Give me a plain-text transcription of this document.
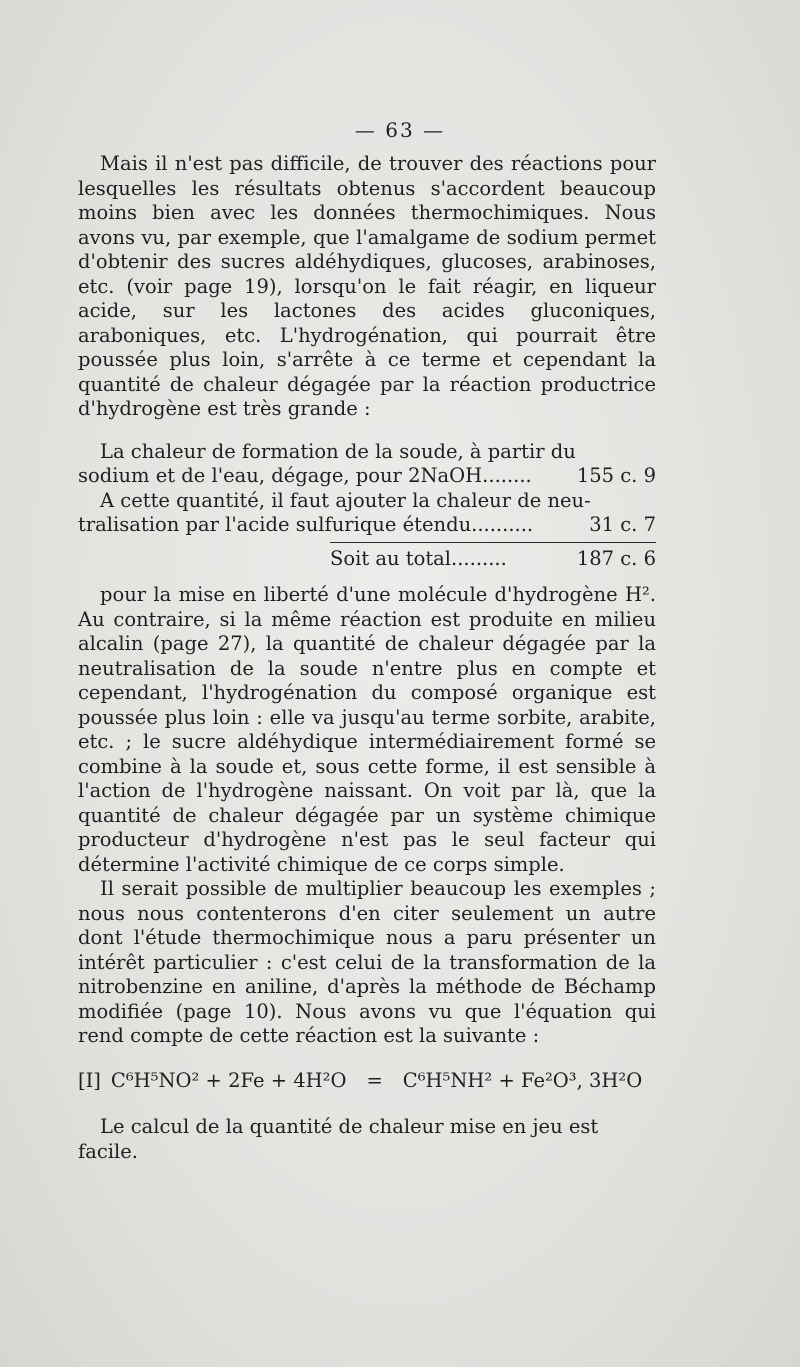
— 63 —

Mais il n'est pas difficile, de trouver des réactions pour lesquelles les résultats obtenus s'accordent beaucoup moins bien avec les données thermochimiques. Nous avons vu, par exemple, que l'amalgame de sodium permet d'obtenir des sucres aldéhydiques, glucoses, arabinoses, etc. (voir page 19), lorsqu'on le fait réagir, en liqueur acide, sur les lactones des acides gluconiques, araboniques, etc. L'hydrogénation, qui pourrait être poussée plus loin, s'arrête à ce terme et cependant la quantité de chaleur dégagée par la réaction productrice d'hydrogène est très grande :

La chaleur de formation de la soude, à partir du
sodium et de l'eau, dégage, pour 2NaOH........	155 c. 9
A cette quantité, il faut ajouter la chaleur de neu-
tralisation par l'acide sulfurique étendu..........	31 c. 7
Soit au total.........	187 c. 6

pour la mise en liberté d'une molécule d'hydrogène H². Au contraire, si la même réaction est produite en milieu alcalin (page 27), la quantité de chaleur dégagée par la neutralisation de la soude n'entre plus en compte et cependant, l'hydrogénation du composé organique est poussée plus loin : elle va jusqu'au terme sorbite, arabite, etc. ; le sucre aldéhydique intermédiairement formé se combine à la soude et, sous cette forme, il est sensible à l'action de l'hydrogène naissant. On voit par là, que la quantité de chaleur dégagée par un système chimique producteur d'hydrogène n'est pas le seul facteur qui détermine l'activité chimique de ce corps simple.

Il serait possible de multiplier beaucoup les exemples ; nous nous contenterons d'en citer seulement un autre dont l'étude thermochimique nous a paru présenter un intérêt particulier : c'est celui de la transformation de la nitrobenzine en aniline, d'après la méthode de Béchamp modifiée (page 10). Nous avons vu que l'équation qui rend compte de cette réaction est la suivante :

[I] C⁶H⁵NO² + 2Fe + 4H²O	=	C⁶H⁵NH² + Fe²O³, 3H²O

Le calcul de la quantité de chaleur mise en jeu est facile.
